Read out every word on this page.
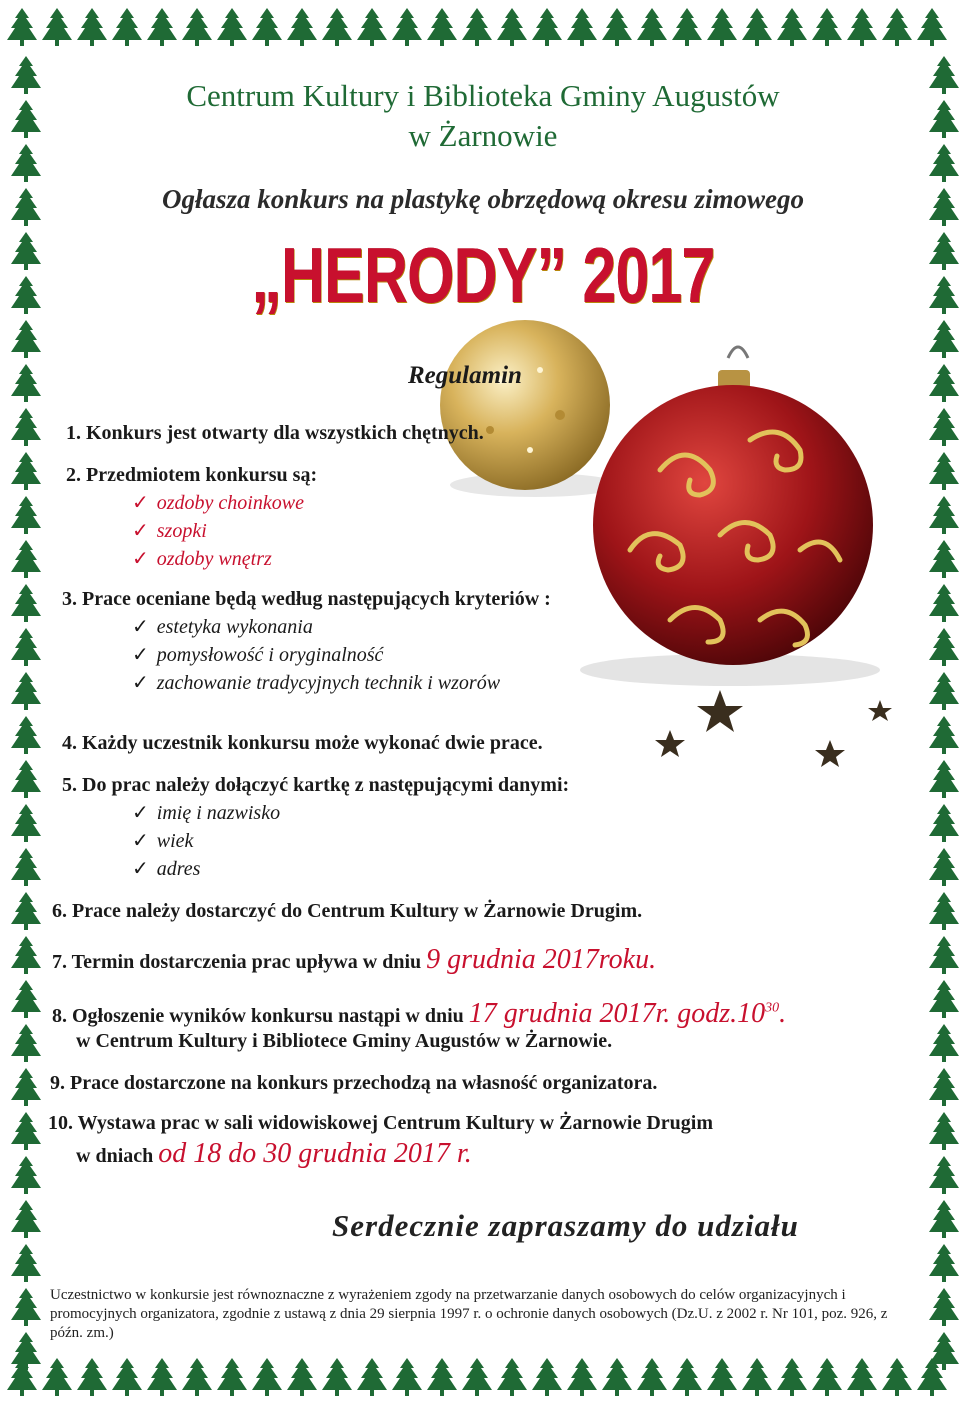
Centrum Kultury i Biblioteka Gminy Augustów
w Żarnowie
Ogłasza konkurs na plastykę obrzędową okresu zimowego
„HERODY” 2017
Regulamin
1. Konkurs jest otwarty dla wszystkich chętnych.
2. Przedmiotem konkursu są:
✓ ozdoby choinkowe
✓ szopki
✓ ozdoby wnętrz
3. Prace oceniane będą według następujących kryteriów :
✓ estetyka wykonania
✓ pomysłowość i oryginalność
✓ zachowanie tradycyjnych technik i wzorów
4. Każdy uczestnik konkursu może wykonać dwie prace.
5. Do prac należy dołączyć kartkę z następującymi danymi:
✓ imię i nazwisko
✓ wiek
✓ adres
6. Prace należy dostarczyć do Centrum Kultury w Żarnowie Drugim.
7. Termin dostarczenia prac upływa w dniu 9 grudnia 2017roku.
8. Ogłoszenie wyników konkursu nastąpi w dniu 17 grudnia 2017r. $godz.10^{30}$.
w Centrum Kultury i Bibliotece Gminy Augustów w Żarnowie.
9. Prace dostarczone na konkurs przechodzą na własność organizatora.
10. Wystawa prac w sali widowiskowej Centrum Kultury w Żarnowie Drugim
w dniach od 18 do 30 grudnia 2017 r.
Serdecznie zapraszamy do udziału
Uczestnictwo w konkursie jest równoznaczne z wyrażeniem zgody na przetwarzanie danych osobowych do celów organizacyjnych i promocyjnych organizatora, zgodnie z ustawą z dnia 29 sierpnia 1997 r. o ochronie danych osobowych (Dz.U. z 2002 r. Nr 101, poz. 926, z późn. zm.)
